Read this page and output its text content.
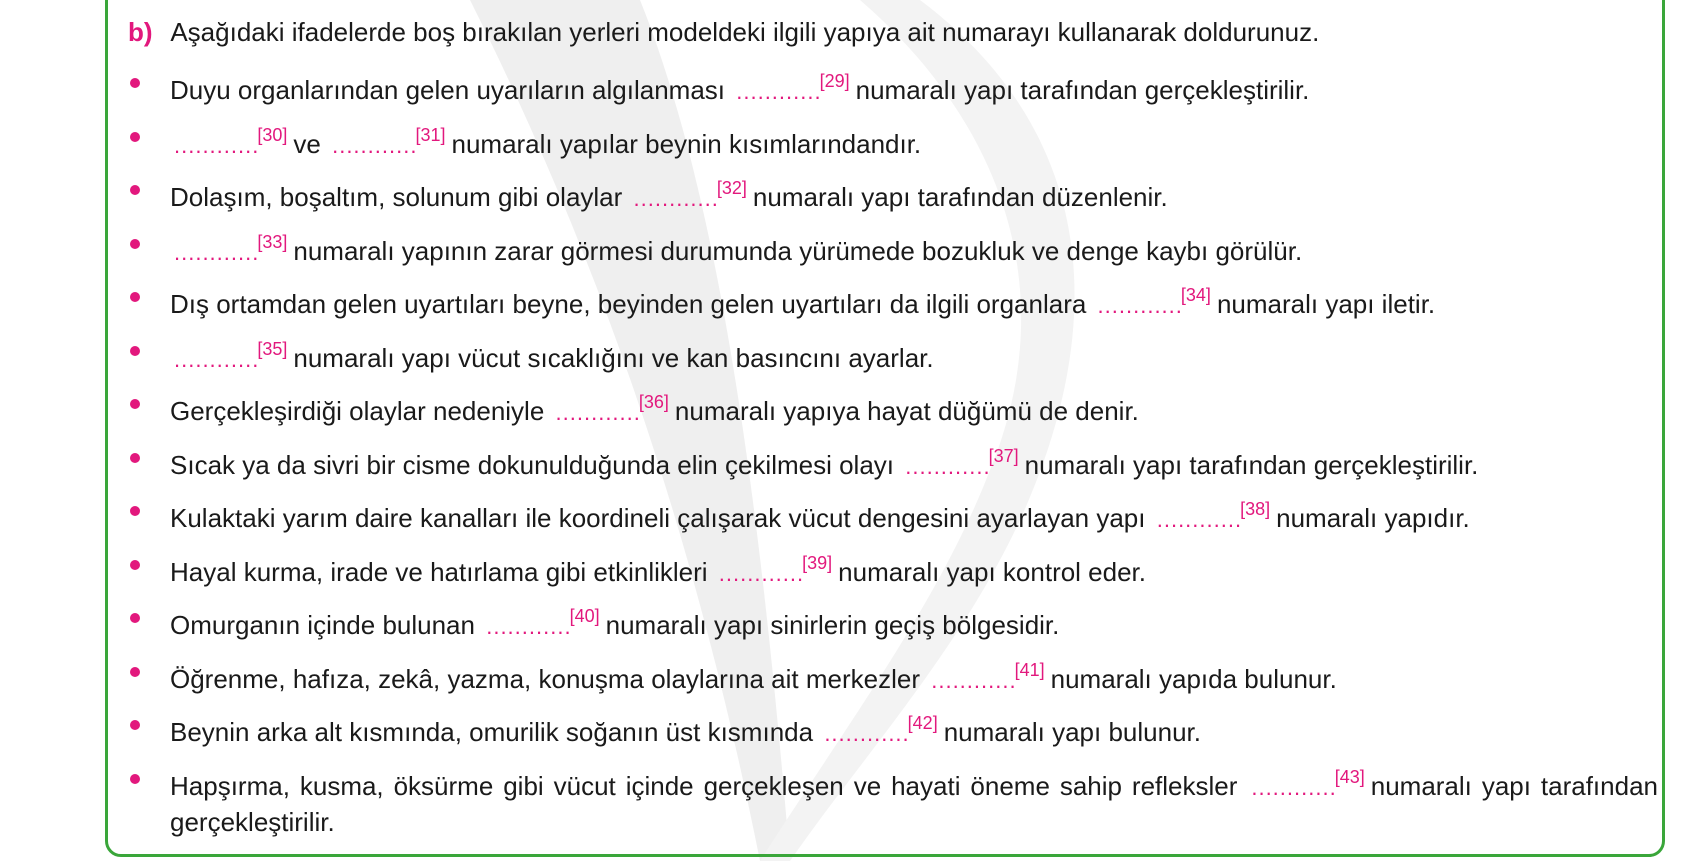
b) Aşağıdaki ifadelerde boş bırakılan yerleri modeldeki ilgili yapıya ait numarayı kullanarak doldurunuz.
Duyu organlarından gelen uyarıların algılanması ............[29] numaralı yapı tarafından gerçekleştirilir.
............[30] ve ............[31] numaralı yapılar beynin kısımlarındandır.
Dolaşım, boşaltım, solunum gibi olaylar ............[32] numaralı yapı tarafından düzenlenir.
............[33] numaralı yapının zarar görmesi durumunda yürümede bozukluk ve denge kaybı görülür.
Dış ortamdan gelen uyartıları beyne, beyinden gelen uyartıları da ilgili organlara ............[34] numaralı yapı iletir.
............[35] numaralı yapı vücut sıcaklığını ve kan basıncını ayarlar.
Gerçekleşirdiği olaylar nedeniyle ............[36] numaralı yapıya hayat düğümü de denir.
Sıcak ya da sivri bir cisme dokunulduğunda elin çekilmesi olayı ............[37] numaralı yapı tarafından gerçekleştirilir.
Kulaktaki yarım daire kanalları ile koordineli çalışarak vücut dengesini ayarlayan yapı ............[38] numaralı yapıdır.
Hayal kurma, irade ve hatırlama gibi etkinlikleri ............[39] numaralı yapı kontrol eder.
Omurganın içinde bulunan ............[40] numaralı yapı sinirlerin geçiş bölgesidir.
Öğrenme, hafıza, zekâ, yazma, konuşma olaylarına ait merkezler ............[41] numaralı yapıda bulunur.
Beynin arka alt kısmında, omurilik soğanın üst kısmında ............[42] numaralı yapı bulunur.
Hapşırma, kusma, öksürme gibi vücut içinde gerçekleşen ve hayati öneme sahip refleksler ............[43] numaralı yapı tarafından gerçekleştirilir.
